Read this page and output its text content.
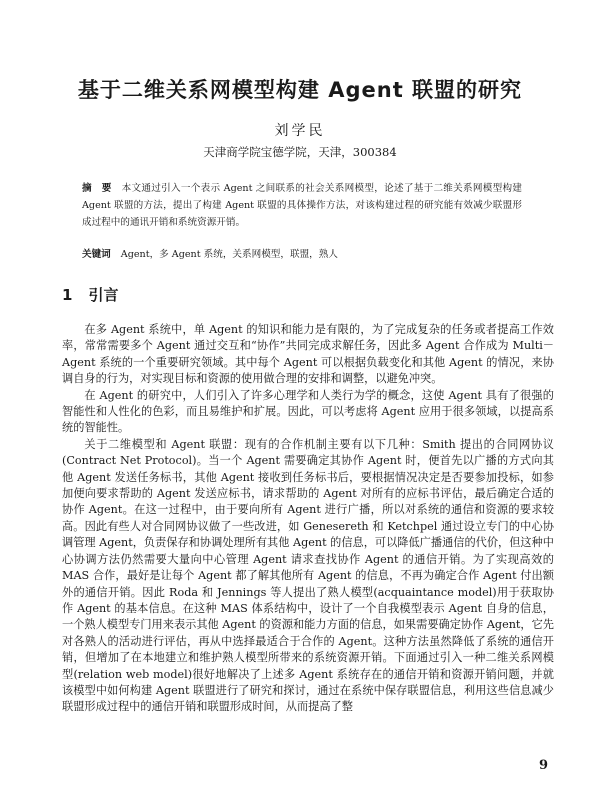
基于二维关系网模型构建 Agent 联盟的研究
刘学民
天津商学院宝德学院，天津，300384
摘　要 本文通过引入一个表示 Agent 之间联系的社会关系网模型，论述了基于二维关系网模型构建 Agent 联盟的方法，提出了构建 Agent 联盟的具体操作方法，对该构建过程的研究能有效减少联盟形成过程中的通讯开销和系统资源开销。
关键词 Agent，多 Agent 系统，关系网模型，联盟，熟人
1 引言

在多 Agent 系统中，单 Agent 的知识和能力是有限的，为了完成复杂的任务或者提高工作效率，常常需要多个 Agent 通过交互和“协作”共同完成求解任务，因此多 Agent 合作成为 Multi－Agent 系统的一个重要研究领域。其中每个 Agent 可以根据负载变化和其他 Agent 的情况，来协调自身的行为，对实现目标和资源的使用做合理的安排和调整，以避免冲突。

在 Agent 的研究中，人们引入了许多心理学和人类行为学的概念，这使 Agent 具有了很强的智能性和人性化的色彩，而且易维护和扩展。因此，可以考虑将 Agent 应用于很多领域，以提高系统的智能性。

关于二维模型和 Agent 联盟：现有的合作机制主要有以下几种：Smith 提出的合同网协议(Contract Net Protocol)。当一个 Agent 需要确定其协作 Agent 时，便首先以广播的方式向其他 Agent 发送任务标书，其他 Agent 接收到任务标书后，要根据情况决定是否要参加投标，如参加便向要求帮助的 Agent 发送应标书，请求帮助的 Agent 对所有的应标书评估，最后确定合适的协作 Agent。在这一过程中，由于要向所有 Agent 进行广播，所以对系统的通信和资源的要求较高。因此有些人对合同网协议做了一些改进，如 Genesereth 和 Ketchpel 通过设立专门的中心协调管理 Agent，负责保存和协调处理所有其他 Agent 的信息，可以降低广播通信的代价，但这种中心协调方法仍然需要大量向中心管理 Agent 请求查找协作 Agent 的通信开销。为了实现高效的 MAS 合作，最好是让每个 Agent 都了解其他所有 Agent 的信息，不再为确定合作 Agent 付出额外的通信开销。因此 Roda 和 Jennings 等人提出了熟人模型(acquaintance model)用于获取协作 Agent 的基本信息。在这种 MAS 体系结构中，设计了一个自我模型表示 Agent 自身的信息，一个熟人模型专门用来表示其他 Agent 的资源和能力方面的信息，如果需要确定协作 Agent，它先对各熟人的活动进行评估，再从中选择最适合于合作的 Agent。这种方法虽然降低了系统的通信开销，但增加了在本地建立和维护熟人模型所带来的系统资源开销。下面通过引入一种二维关系网模型(relation web model)很好地解决了上述多 Agent 系统存在的通信开销和资源开销问题，并就该模型中如何构建 Agent 联盟进行了研究和探讨，通过在系统中保存联盟信息，利用这些信息减少联盟形成过程中的通信开销和联盟形成时间，从而提高了整

9
